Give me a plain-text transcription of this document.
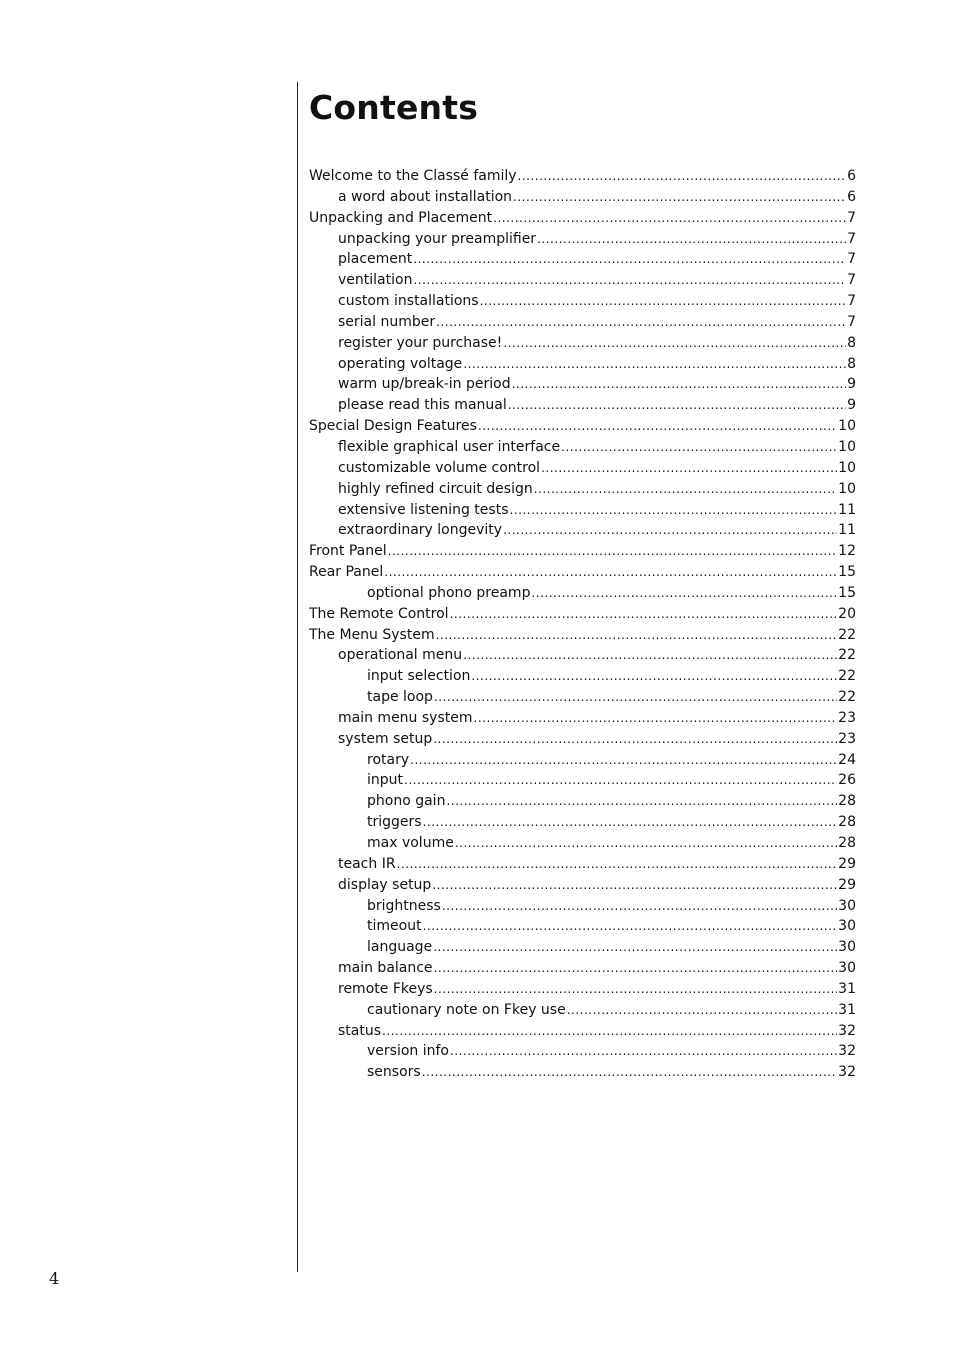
Contents
Welcome to the Classé family .....	6
a word about installation .....	6
Unpacking and Placement .....	7
unpacking your preamplifier .....	7
placement .....	7
ventilation .....	7
custom installations .....	7
serial number .....	7
register your purchase! .....	8
operating voltage .....	8
warm up/break-in period .....	9
please read this manual .....	9
Special Design Features .....	10
flexible graphical user interface .....	10
customizable volume control .....	10
highly refined circuit design .....	10
extensive listening tests .....	11
extraordinary longevity .....	11
Front Panel .....	12
Rear Panel .....	15
optional phono preamp .....	15
The Remote Control .....	20
The Menu System .....	22
operational menu .....	22
input selection .....	22
tape loop .....	22
main menu system .....	23
system setup .....	23
rotary .....	24
input .....	26
phono gain .....	28
triggers .....	28
max volume .....	28
teach IR .....	29
display setup .....	29
brightness .....	30
timeout .....	30
language .....	30
main balance .....	30
remote Fkeys .....	31
cautionary note on Fkey use .....	31
status .....	32
version info .....	32
sensors .....	32
4
